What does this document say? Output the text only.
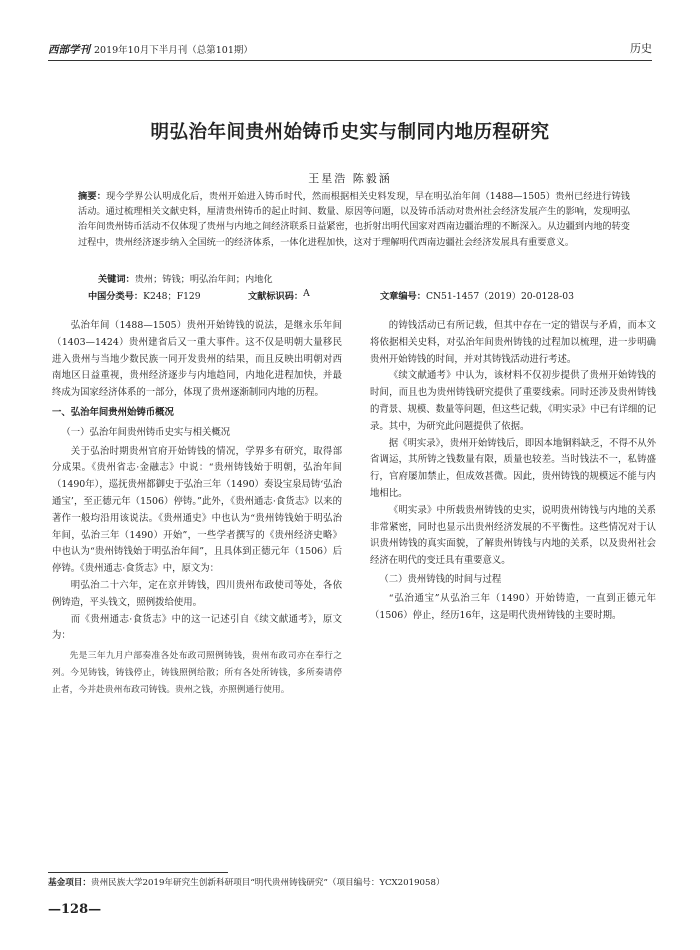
西部学刊 2019年10月下半月刊（总第101期）	历史
明弘治年间贵州始铸币史实与制同内地历程研究
王星浩 陈毅涵
摘要：现今学界公认明成化后，贵州开始进入铸币时代，然而根据相关史料发现，早在明弘治年间（1488—1505）贵州已经进行铸钱活动。通过梳理相关文献史料，厘清贵州铸币的起止时间、数量、原因等问题，以及铸币活动对贵州社会经济发展产生的影响，发现明弘治年间贵州铸币活动不仅体现了贵州与内地之间经济联系日益紧密，也折射出明代国家对西南边疆治理的不断深入。从边疆到内地的转变过程中，贵州经济逐步纳入全国统一的经济体系，一体化进程加快，这对于理解明代西南边疆社会经济发展具有重要意义。
关键词：贵州；铸钱；明弘治年间；内地化
中国分类号： K248；F129	文献标识码： A	文章编号： CN51-1457（2019）20-0128-03

弘治年间（1488—1505）贵州开始铸钱的说法，是继永乐年间（1403—1424）贵州建省后又一重大事件。这不仅是明朝大量移民进入贵州与当地少数民族一同开发贵州的结果，而且反映出明朝对西南地区日益重视，贵州经济逐步与内地趋同，内地化进程加快，并最终成为国家经济体系的一部分，体现了贵州逐渐制同内地的历程。

一、弘治年间贵州始铸币概况

（一）弘治年间贵州铸币史实与相关概况

关于弘治时期贵州官府开始铸钱的情况，学界多有研究，取得部分成果。《贵州省志·金融志》中说：“贵州铸钱始于明朝，弘治年间（1490年），巡抚贵州都御史于弘治三年（1490）奏设宝泉局铸‘弘治通宝’，至正德元年（1506）停铸。”此外，《贵州通志·食货志》以来的著作一般均沿用该说法。《贵州通史》中也认为“贵州铸钱始于明弘治年间，弘治三年（1490）开始”，一些学者撰写的《贵州经济史略》中也认为“贵州铸钱始于明弘治年间”，且具体到正德元年（1506）后停铸。《贵州通志·食货志》中，原文为：

明弘治二十六年，定在京并铸钱，四川贵州布政使司等处，各依例铸造，平头钱文，照例拨给使用。

而《贵州通志·食货志》中的这一记述引自《续文献通考》，原文为：

先是三年九月户部奏准各处布政司照例铸钱，贵州布政司亦在奉行之列。今见铸钱，铸钱停止，铸钱照例给散；所有各处所铸钱，多所奏请停止者，今并赴贵州布政司铸钱。贵州之钱，亦照例通行使用。

的铸钱活动已有所记载，但其中存在一定的错误与矛盾，而本文将依据相关史料，对弘治年间贵州铸钱的过程加以梳理，进一步明确贵州开始铸钱的时间，并对其铸钱活动进行考述。

《续文献通考》中认为，该材料不仅初步提供了贵州开始铸钱的时间，而且也为贵州铸钱研究提供了重要线索。同时还涉及贵州铸钱的背景、规模、数量等问题，但这些记载，《明实录》中已有详细的记录。其中，为研究此问题提供了依据。

据《明实录》，贵州开始铸钱后，即因本地铜料缺乏，不得不从外省调运，其所铸之钱数量有限，质量也较差。当时钱法不一，私铸盛行，官府屡加禁止，但成效甚微。因此，贵州铸钱的规模远不能与内地相比。

《明实录》中所载贵州铸钱的史实，说明贵州铸钱与内地的关系非常紧密，同时也显示出贵州经济发展的不平衡性。这些情况对于认识贵州铸钱的真实面貌，了解贵州铸钱与内地的关系，以及贵州社会经济在明代的变迁具有重要意义。

（二）贵州铸钱的时间与过程

“弘治通宝”从弘治三年（1490）开始铸造，一直到正德元年（1506）停止，经历16年，这是明代贵州铸钱的主要时期。

基金项目：贵州民族大学2019年研究生创新科研项目“明代贵州铸钱研究”（项目编号：YCX2019058）
—128—
